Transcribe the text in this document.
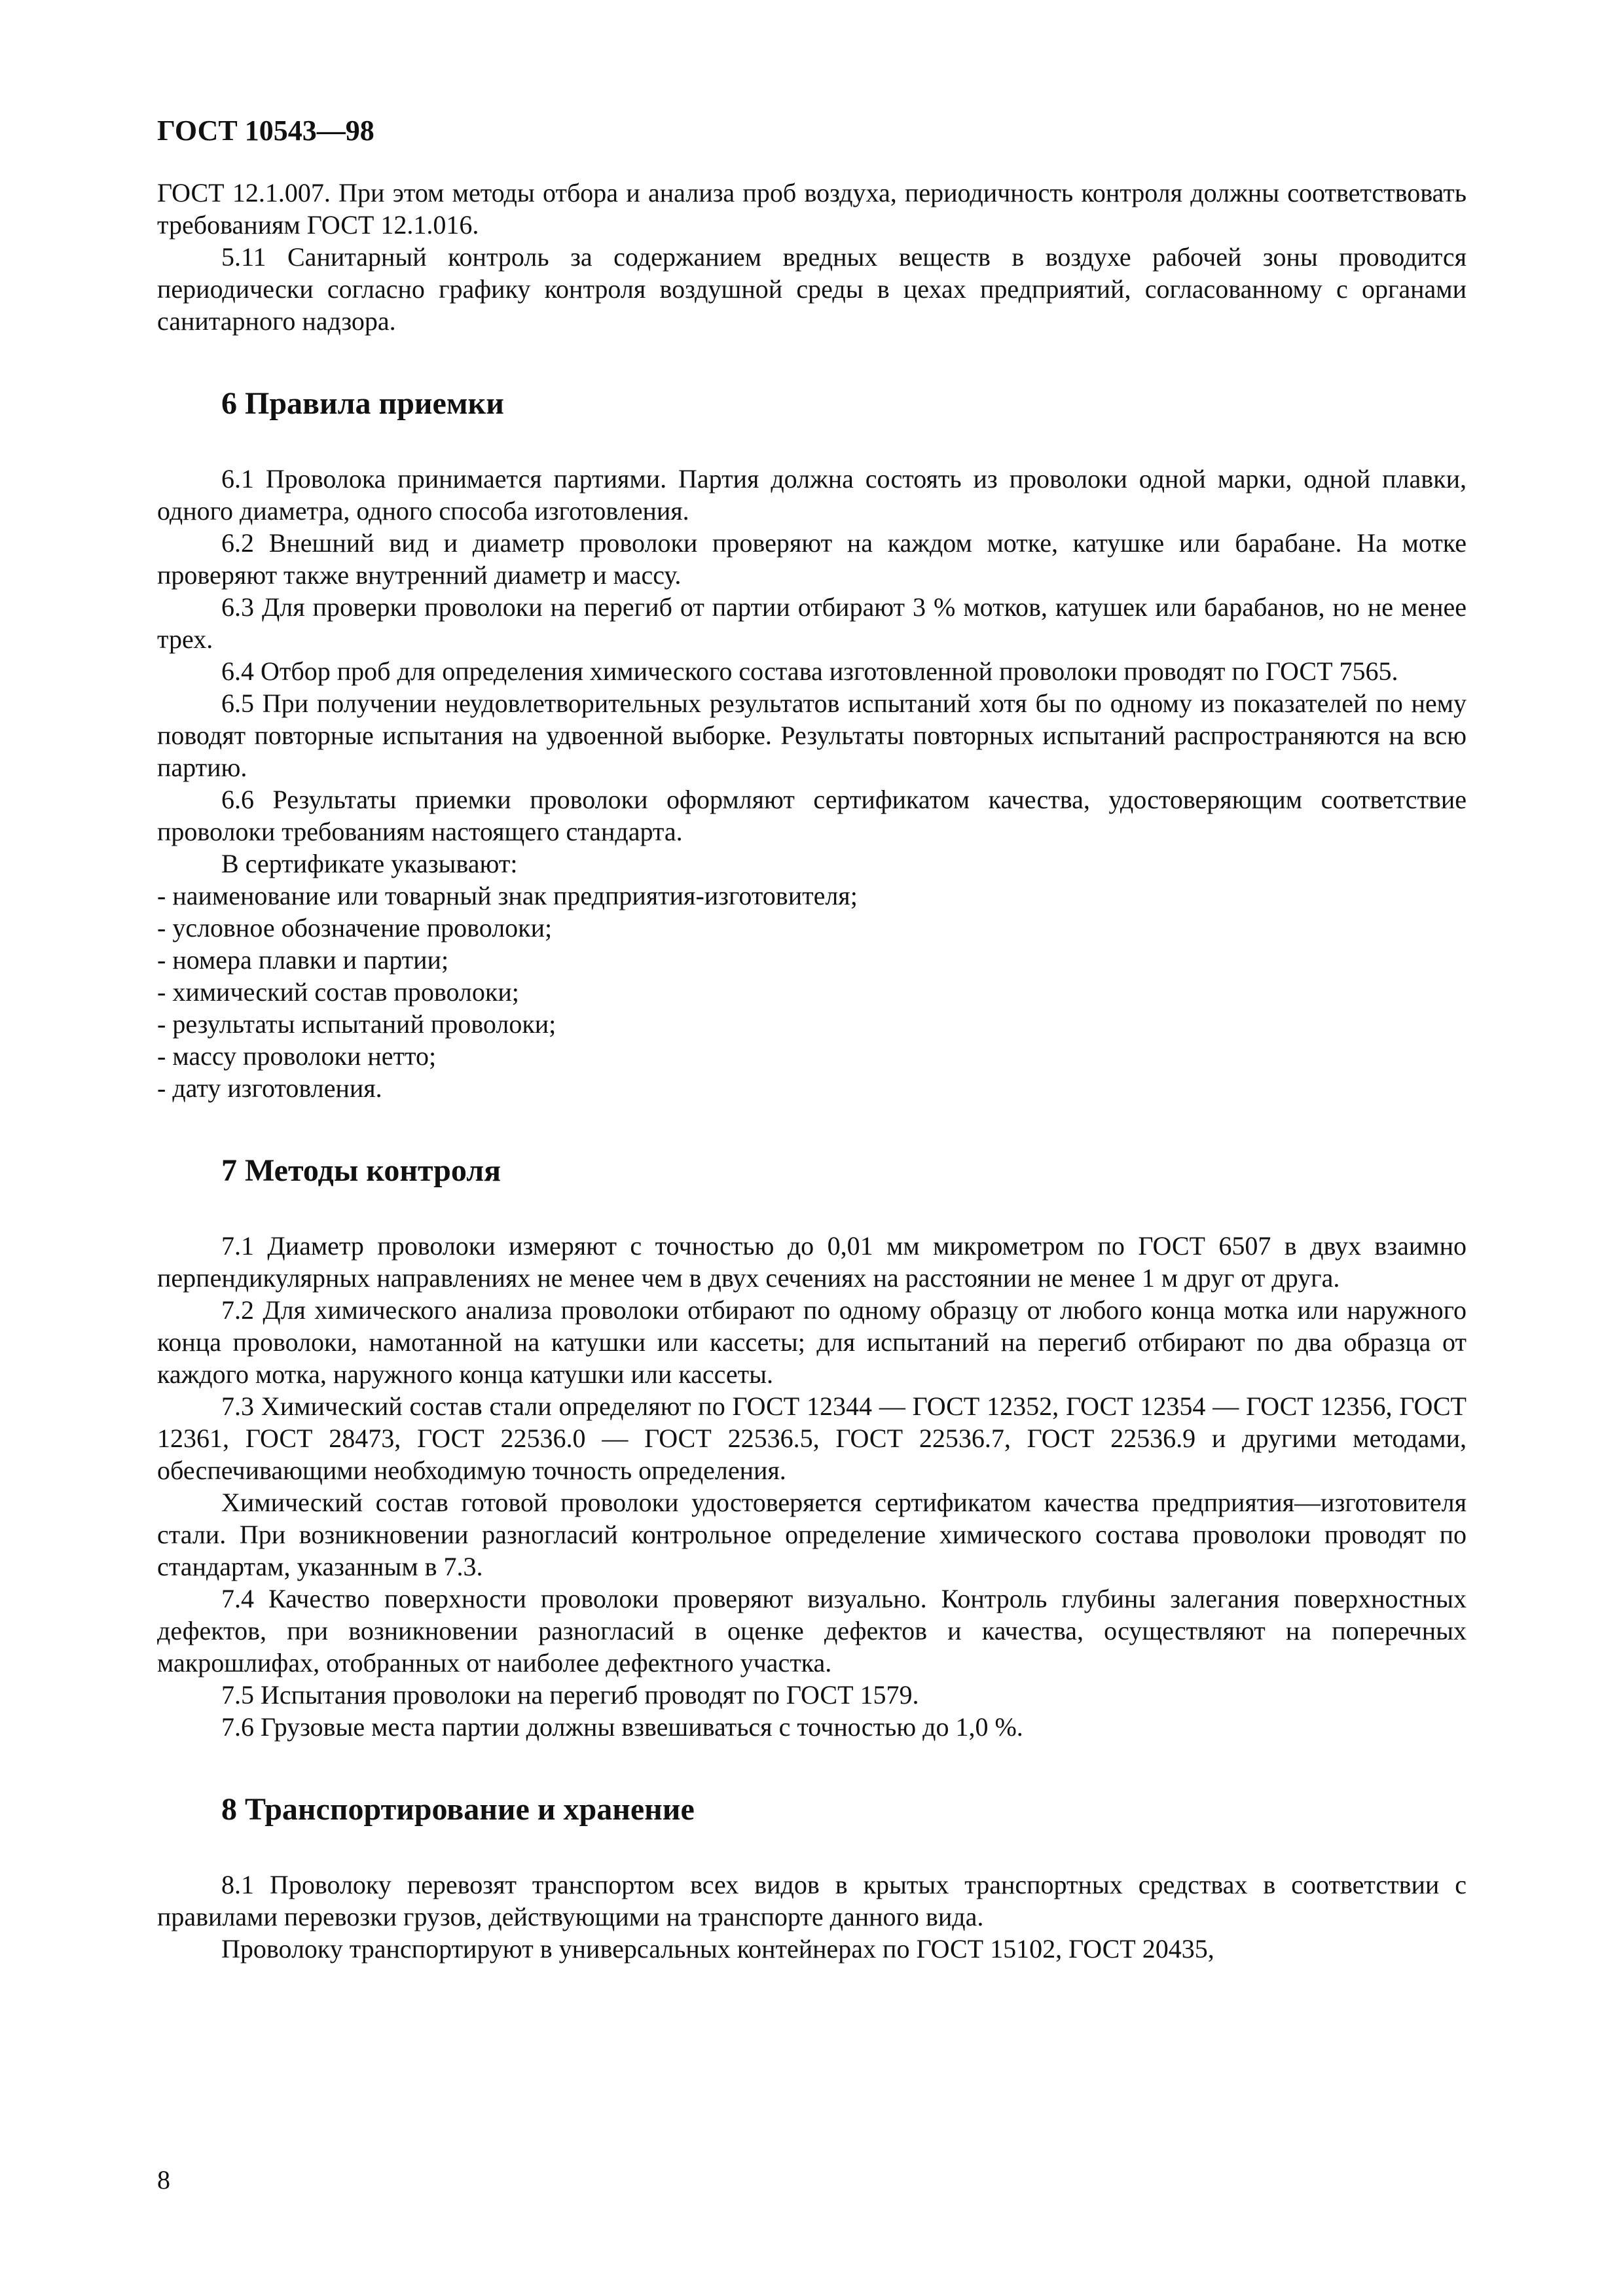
ГОСТ 10543—98

ГОСТ 12.1.007. При этом методы отбора и анализа проб воздуха, периодичность контроля должны соответствовать требованиям ГОСТ 12.1.016.

5.11 Санитарный контроль за содержанием вредных веществ в воздухе рабочей зоны проводится периодически согласно графику контроля воздушной среды в цехах предприятий, согласованному с органами санитарного надзора.

6 Правила приемки

6.1 Проволока принимается партиями. Партия должна состоять из проволоки одной марки, одной плавки, одного диаметра, одного способа изготовления.

6.2 Внешний вид и диаметр проволоки проверяют на каждом мотке, катушке или барабане. На мотке проверяют также внутренний диаметр и массу.

6.3 Для проверки проволоки на перегиб от партии отбирают 3 % мотков, катушек или барабанов, но не менее трех.

6.4 Отбор проб для определения химического состава изготовленной проволоки проводят по ГОСТ 7565.

6.5 При получении неудовлетворительных результатов испытаний хотя бы по одному из показателей по нему поводят повторные испытания на удвоенной выборке. Результаты повторных испытаний распространяются на всю партию.

6.6 Результаты приемки проволоки оформляют сертификатом качества, удостоверяющим соответствие проволоки требованиям настоящего стандарта.

В сертификате указывают:

- наименование или товарный знак предприятия-изготовителя;
- условное обозначение проволоки;
- номера плавки и партии;
- химический состав проволоки;
- результаты испытаний проволоки;
- массу проволоки нетто;
- дату изготовления.
7 Методы контроля

7.1 Диаметр проволоки измеряют с точностью до 0,01 мм микрометром по ГОСТ 6507 в двух взаимно перпендикулярных направлениях не менее чем в двух сечениях на расстоянии не менее 1 м друг от друга.

7.2 Для химического анализа проволоки отбирают по одному образцу от любого конца мотка или наружного конца проволоки, намотанной на катушки или кассеты; для испытаний на перегиб отбирают по два образца от каждого мотка, наружного конца катушки или кассеты.

7.3 Химический состав стали определяют по ГОСТ 12344 — ГОСТ 12352, ГОСТ 12354 — ГОСТ 12356, ГОСТ 12361, ГОСТ 28473, ГОСТ 22536.0 — ГОСТ 22536.5, ГОСТ 22536.7, ГОСТ 22536.9 и другими методами, обеспечивающими необходимую точность определения.

Химический состав готовой проволоки удостоверяется сертификатом качества предприятия—изготовителя стали. При возникновении разногласий контрольное определение химического состава проволоки проводят по стандартам, указанным в 7.3.

7.4 Качество поверхности проволоки проверяют визуально. Контроль глубины залегания поверхностных дефектов, при возникновении разногласий в оценке дефектов и качества, осуществляют на поперечных макрошлифах, отобранных от наиболее дефектного участка.

7.5 Испытания проволоки на перегиб проводят по ГОСТ 1579.

7.6 Грузовые места партии должны взвешиваться с точностью до 1,0 %.

8 Транспортирование и хранение

8.1 Проволоку перевозят транспортом всех видов в крытых транспортных средствах в соответствии с правилами перевозки грузов, действующими на транспорте данного вида.

Проволоку транспортируют в универсальных контейнерах по ГОСТ 15102, ГОСТ 20435,

8
